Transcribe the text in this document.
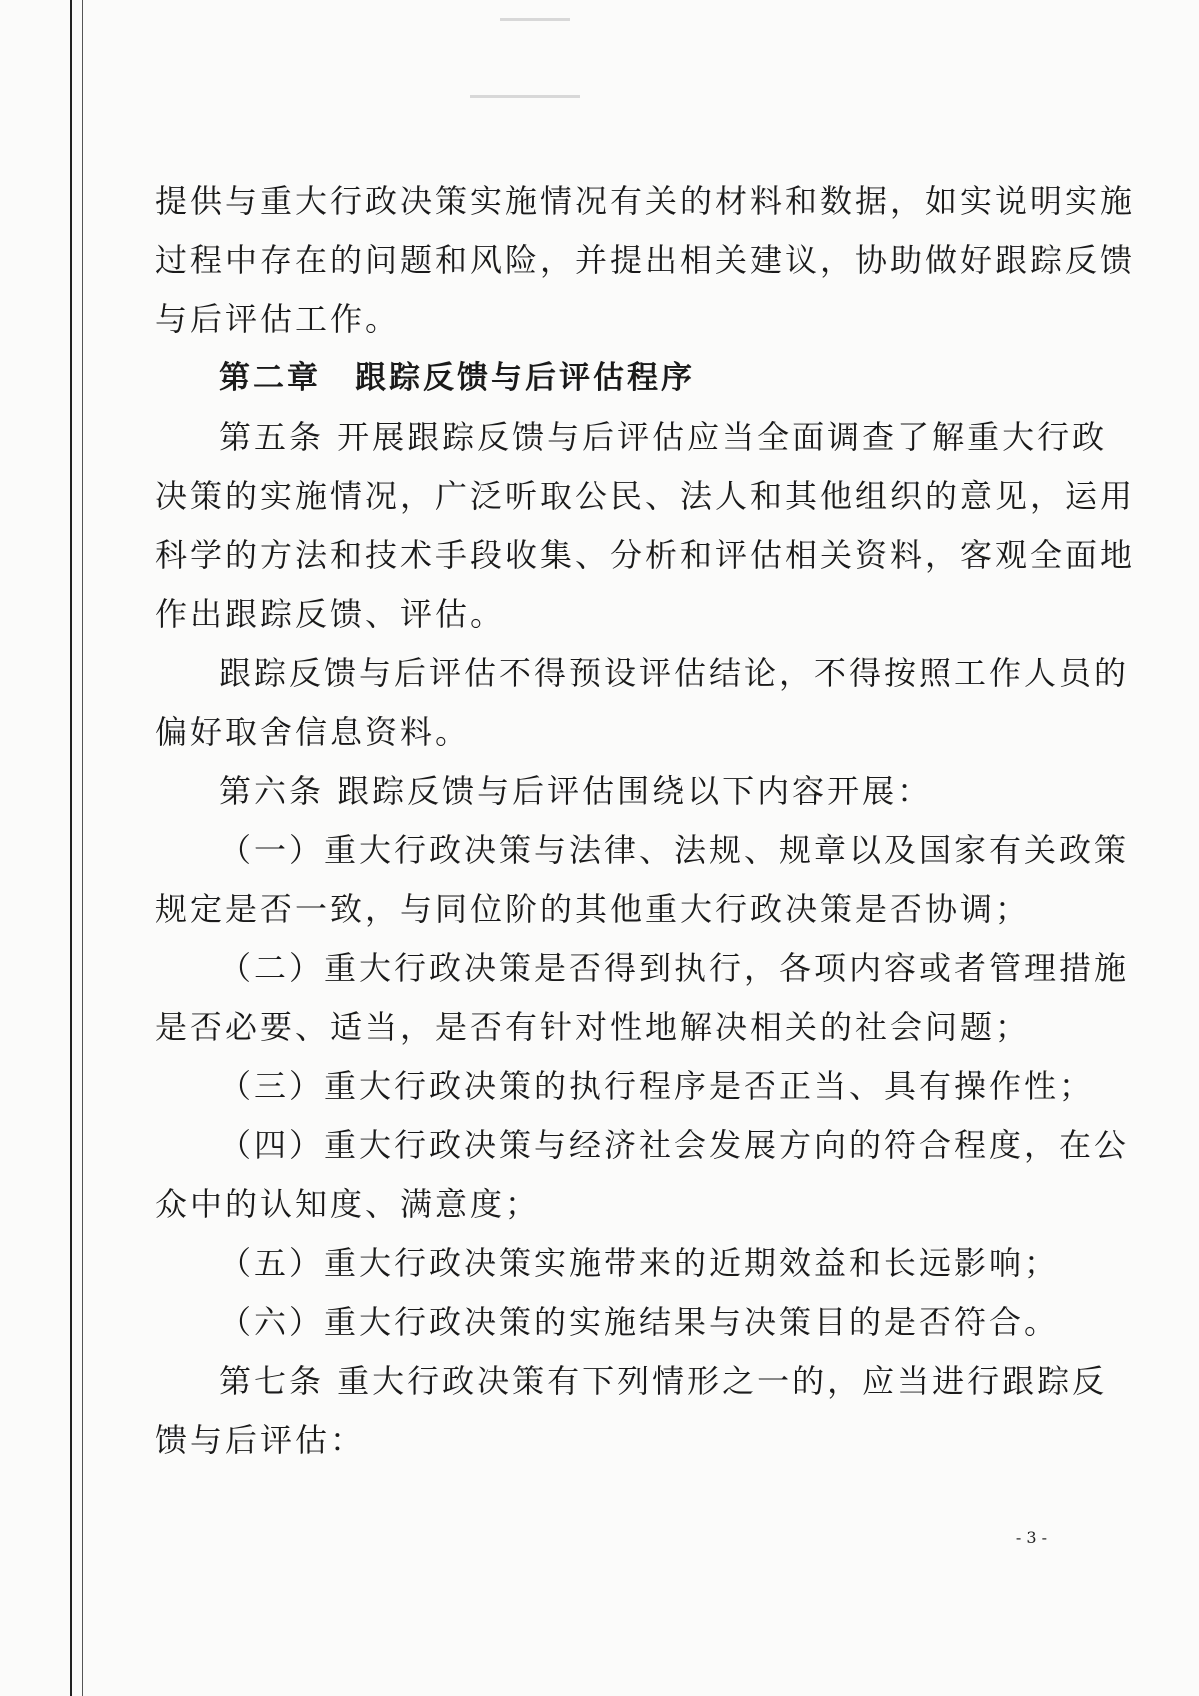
提供与重大行政决策实施情况有关的材料和数据，如实说明实施
过程中存在的问题和风险，并提出相关建议，协助做好跟踪反馈
与后评估工作。
第二章　跟踪反馈与后评估程序
第五条 开展跟踪反馈与后评估应当全面调查了解重大行政
决策的实施情况，广泛听取公民、法人和其他组织的意见，运用
科学的方法和技术手段收集、分析和评估相关资料，客观全面地
作出跟踪反馈、评估。
跟踪反馈与后评估不得预设评估结论，不得按照工作人员的
偏好取舍信息资料。
第六条 跟踪反馈与后评估围绕以下内容开展：
（一）重大行政决策与法律、法规、规章以及国家有关政策
规定是否一致，与同位阶的其他重大行政决策是否协调；
（二）重大行政决策是否得到执行，各项内容或者管理措施
是否必要、适当，是否有针对性地解决相关的社会问题；
（三）重大行政决策的执行程序是否正当、具有操作性；
（四）重大行政决策与经济社会发展方向的符合程度，在公
众中的认知度、满意度；
（五）重大行政决策实施带来的近期效益和长远影响；
（六）重大行政决策的实施结果与决策目的是否符合。
第七条 重大行政决策有下列情形之一的，应当进行跟踪反
馈与后评估：
- 3 -
